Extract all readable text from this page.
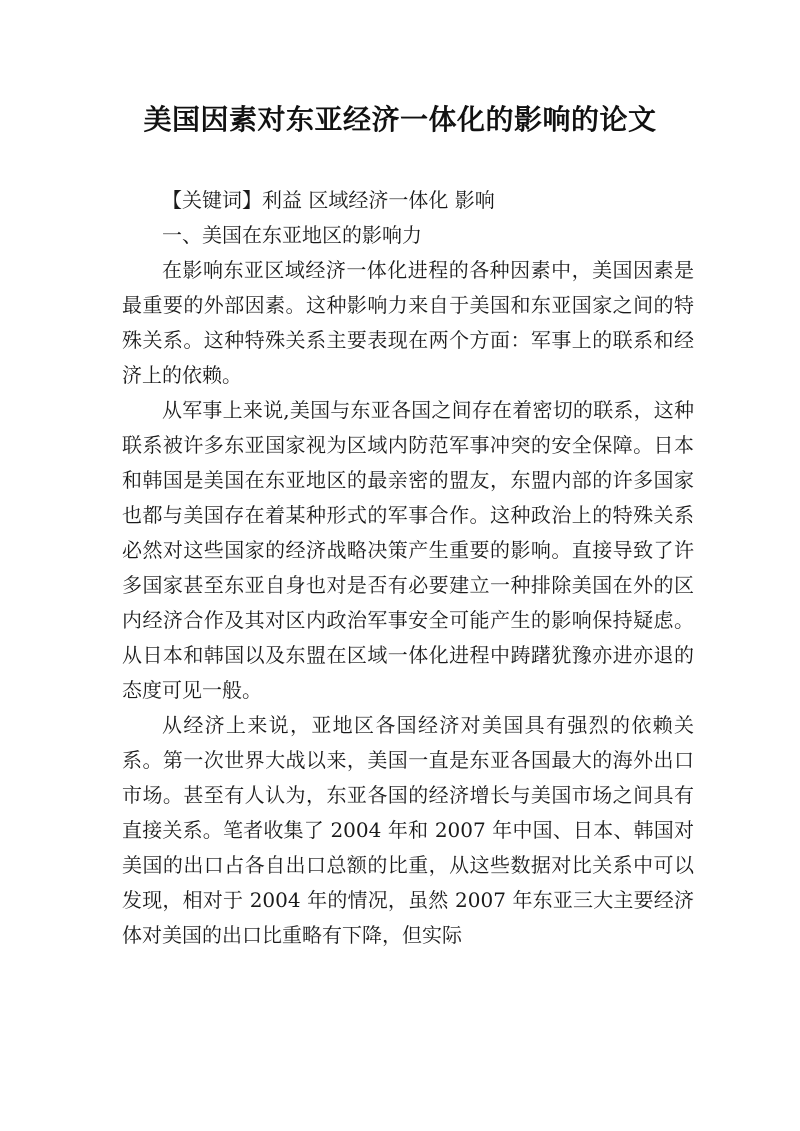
美国因素对东亚经济一体化的影响的论文

【关键词】利益 区域经济一体化 影响

一、美国在东亚地区的影响力

在影响东亚区域经济一体化进程的各种因素中，美国因素是最重要的外部因素。这种影响力来自于美国和东亚国家之间的特殊关系。这种特殊关系主要表现在两个方面：军事上的联系和经济上的依赖。

从军事上来说,美国与东亚各国之间存在着密切的联系，这种联系被许多东亚国家视为区域内防范军事冲突的安全保障。日本和韩国是美国在东亚地区的最亲密的盟友，东盟内部的许多国家也都与美国存在着某种形式的军事合作。这种政治上的特殊关系必然对这些国家的经济战略决策产生重要的影响。直接导致了许多国家甚至东亚自身也对是否有必要建立一种排除美国在外的区内经济合作及其对区内政治军事安全可能产生的影响保持疑虑。从日本和韩国以及东盟在区域一体化进程中踌躇犹豫亦进亦退的态度可见一般。

从经济上来说，亚地区各国经济对美国具有强烈的依赖关系。第一次世界大战以来，美国一直是东亚各国最大的海外出口市场。甚至有人认为，东亚各国的经济增长与美国市场之间具有直接关系。笔者收集了 2004 年和 2007 年中国、日本、韩国对美国的出口占各自出口总额的比重，从这些数据对比关系中可以发现，相对于 2004 年的情况，虽然 2007 年东亚三大主要经济体对美国的出口比重略有下降，但实际
